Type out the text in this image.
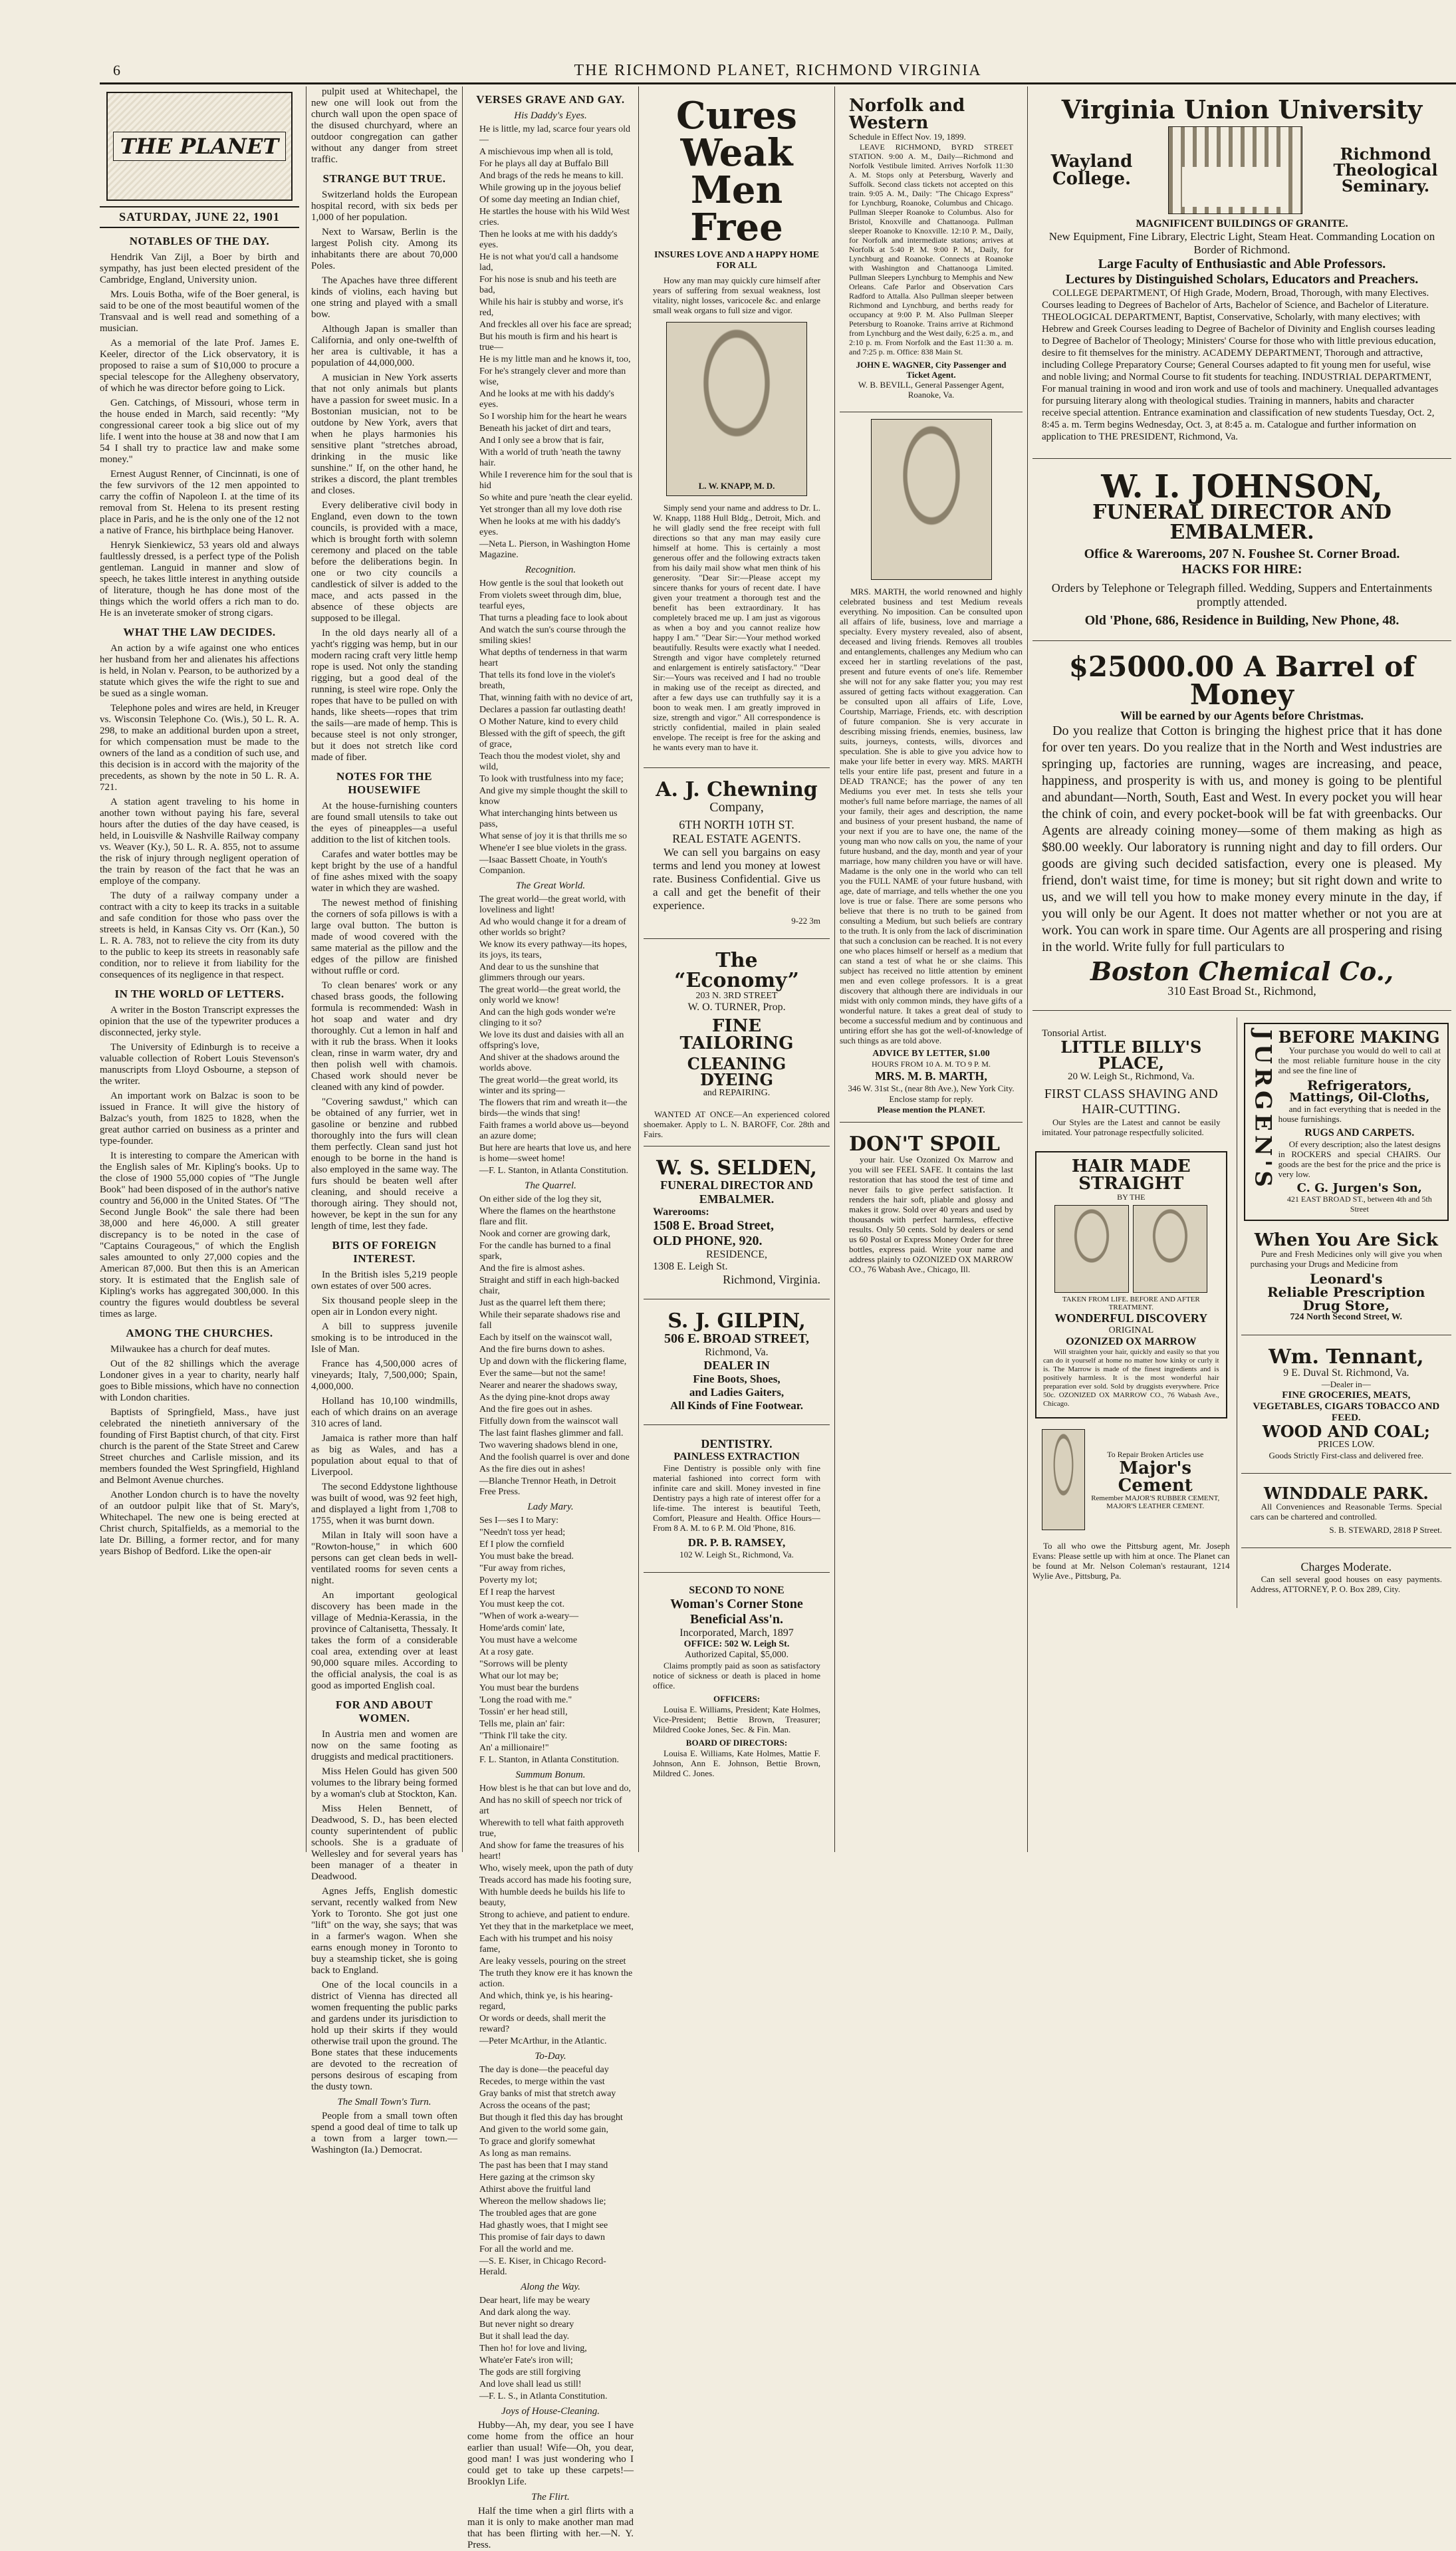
6	THE RICHMOND PLANET, RICHMOND VIRGINIA
THE PLANET
SATURDAY, JUNE 22, 1901
NOTABLES OF THE DAY.

Hendrik Van Zijl, a Boer by birth and sympathy, has just been elected president of the Cambridge, England, University union.

Mrs. Louis Botha, wife of the Boer general, is said to be one of the most beautiful women of the Transvaal and is well read and something of a musician.

As a memorial of the late Prof. James E. Keeler, director of the Lick observatory, it is proposed to raise a sum of $10,000 to procure a special telescope for the Allegheny observatory, of which he was director before going to Lick.

Gen. Catchings, of Missouri, whose term in the house ended in March, said recently: "My congressional career took a big slice out of my life. I went into the house at 38 and now that I am 54 I shall try to practice law and make some money."

Ernest August Renner, of Cincinnati, is one of the few survivors of the 12 men appointed to carry the coffin of Napoleon I. at the time of its removal from St. Helena to its present resting place in Paris, and he is the only one of the 12 not a native of France, his birthplace being Hanover.

Henryk Sienkiewicz, 53 years old and always faultlessly dressed, is a perfect type of the Polish gentleman. Languid in manner and slow of speech, he takes little interest in anything outside of literature, though he has done most of the things which the world offers a rich man to do. He is an inveterate smoker of strong cigars.

WHAT THE LAW DECIDES.

An action by a wife against one who entices her husband from her and alienates his affections is held, in Nolan v. Pearson, to be authorized by a statute which gives the wife the right to sue and be sued as a single woman.

Telephone poles and wires are held, in Kreuger vs. Wisconsin Telephone Co. (Wis.), 50 L. R. A. 298, to make an additional burden upon a street, for which compensation must be made to the owners of the land as a condition of such use, and this decision is in accord with the majority of the precedents, as shown by the note in 50 L. R. A. 721.

A station agent traveling to his home in another town without paying his fare, several hours after the duties of the day have ceased, is held, in Louisville & Nashville Railway company vs. Weaver (Ky.), 50 L. R. A. 855, not to assume the risk of injury through negligent operation of the train by reason of the fact that he was an employe of the company.

The duty of a railway company under a contract with a city to keep its tracks in a suitable and safe condition for those who pass over the streets is held, in Kansas City vs. Orr (Kan.), 50 L. R. A. 783, not to relieve the city from its duty to the public to keep its streets in reasonably safe condition, nor to relieve it from liability for the consequences of its negligence in that respect.

IN THE WORLD OF LETTERS.

A writer in the Boston Transcript expresses the opinion that the use of the typewriter produces a disconnected, jerky style.

The University of Edinburgh is to receive a valuable collection of Robert Louis Stevenson's manuscripts from Lloyd Osbourne, a stepson of the writer.

An important work on Balzac is soon to be issued in France. It will give the history of Balzac's youth, from 1825 to 1828, when the great author carried on business as a printer and type-founder.

It is interesting to compare the American with the English sales of Mr. Kipling's books. Up to the close of 1900 55,000 copies of "The Jungle Book" had been disposed of in the author's native country and 56,000 in the United States. Of "The Second Jungle Book" the sale there had been 38,000 and here 46,000. A still greater discrepancy is to be noted in the case of "Captains Courageous," of which the English sales amounted to only 27,000 copies and the American 87,000. But then this is an American story. It is estimated that the English sale of Kipling's works has aggregated 300,000. In this country the figures would doubtless be several times as large.

AMONG THE CHURCHES.

Milwaukee has a church for deaf mutes.

Out of the 82 shillings which the average Londoner gives in a year to charity, nearly half goes to Bible missions, which have no connection with London charities.

Baptists of Springfield, Mass., have just celebrated the ninetieth anniversary of the founding of First Baptist church, of that city. First church is the parent of the State Street and Carew Street churches and Carlisle mission, and its members founded the West Springfield, Highland and Belmont Avenue churches.

Another London church is to have the novelty of an outdoor pulpit like that of St. Mary's, Whitechapel. The new one is being erected at Christ church, Spitalfields, as a memorial to the late Dr. Billing, a former rector, and for many years Bishop of Bedford. Like the open-air

pulpit used at Whitechapel, the new one will look out from the church wall upon the open space of the disused churchyard, where an outdoor congregation can gather without any danger from street traffic.

STRANGE BUT TRUE.

Switzerland holds the European hospital record, with six beds per 1,000 of her population.

Next to Warsaw, Berlin is the largest Polish city. Among its inhabitants there are about 70,000 Poles.

The Apaches have three different kinds of violins, each having but one string and played with a small bow.

Although Japan is smaller than California, and only one-twelfth of her area is cultivable, it has a population of 44,000,000.

A musician in New York asserts that not only animals but plants have a passion for sweet music. In a Bostonian musician, not to be outdone by New York, avers that when he plays harmonies his sensitive plant "stretches abroad, drinking in the music like sunshine." If, on the other hand, he strikes a discord, the plant trembles and closes.

Every deliberative civil body in England, even down to the town councils, is provided with a mace, which is brought forth with solemn ceremony and placed on the table before the deliberations begin. In one or two city councils a candlestick of silver is added to the mace, and acts passed in the absence of these objects are supposed to be illegal.

In the old days nearly all of a yacht's rigging was hemp, but in our modern racing craft very little hemp rope is used. Not only the standing rigging, but a good deal of the running, is steel wire rope. Only the ropes that have to be pulled on with hands, like sheets—ropes that trim the sails—are made of hemp. This is because steel is not only stronger, but it does not stretch like cord made of fiber.

NOTES FOR THE HOUSEWIFE

At the house-furnishing counters are found small utensils to take out the eyes of pineapples—a useful addition to the list of kitchen tools.

Carafes and water bottles may be kept bright by the use of a handful of fine ashes mixed with the soapy water in which they are washed.

The newest method of finishing the corners of sofa pillows is with a large oval button. The button is made of wood covered with the same material as the pillow and the edges of the pillow are finished without ruffle or cord.

To clean benares' work or any chased brass goods, the following formula is recommended: Wash in hot soap and water and dry thoroughly. Cut a lemon in half and with it rub the brass. When it looks clean, rinse in warm water, dry and then polish well with chamois. Chased work should never be cleaned with any kind of powder.

"Covering sawdust," which can be obtained of any furrier, wet in gasoline or benzine and rubbed thoroughly into the furs will clean them perfectly. Clean sand just hot enough to be borne in the hand is also employed in the same way. The furs should be beaten well after cleaning, and should receive a thorough airing. They should not, however, be kept in the sun for any length of time, lest they fade.

BITS OF FOREIGN INTEREST.

In the British isles 5,219 people own estates of over 500 acres.

Six thousand people sleep in the open air in London every night.

A bill to suppress juvenile smoking is to be introduced in the Isle of Man.

France has 4,500,000 acres of vineyards; Italy, 7,500,000; Spain, 4,000,000.

Holland has 10,100 windmills, each of which drains on an average 310 acres of land.

Jamaica is rather more than half as big as Wales, and has a population about equal to that of Liverpool.

The second Eddystone lighthouse was built of wood, was 92 feet high, and displayed a light from 1,708 to 1755, when it was burnt down.

Milan in Italy will soon have a "Rowton-house," in which 600 persons can get clean beds in well-ventilated rooms for seven cents a night.

An important geological discovery has been made in the village of Mednia-Kerassia, in the province of Caltanisetta, Thessaly. It takes the form of a considerable coal area, extending over at least 90,000 square miles. According to the official analysis, the coal is as good as imported English coal.

FOR AND ABOUT WOMEN.

In Austria men and women are now on the same footing as druggists and medical practitioners.

Miss Helen Gould has given 500 volumes to the library being formed by a woman's club at Stockton, Kan.

Miss Helen Bennett, of Deadwood, S. D., has been elected county superintendent of public schools. She is a graduate of Wellesley and for several years has been manager of a theater in Deadwood.

Agnes Jeffs, English domestic servant, recently walked from New York to Toronto. She got just one "lift" on the way, she says; that was in a farmer's wagon. When she earns enough money in Toronto to buy a steamship ticket, she is going back to England.

One of the local councils in a district of Vienna has directed all women frequenting the public parks and gardens under its jurisdiction to hold up their skirts if they would otherwise trail upon the ground. The Bone states that these inducements are devoted to the recreation of persons desirous of escaping from the dusty town.

The Small Town's Turn.

People from a small town often spend a good deal of time to talk up a town from a larger town.—Washington (Ia.) Democrat.

VERSES GRAVE AND GAY.
His Daddy's Eyes.

He is little, my lad, scarce four years old—

A mischievous imp when all is told,

For he plays all day at Buffalo Bill

And brags of the reds he means to kill.

While growing up in the joyous belief

Of some day meeting an Indian chief,

He startles the house with his Wild West cries.

Then he looks at me with his daddy's eyes.

He is not what you'd call a handsome lad,

For his nose is snub and his teeth are bad,

While his hair is stubby and worse, it's red,

And freckles all over his face are spread;

But his mouth is firm and his heart is true—

He is my little man and he knows it, too,

For he's strangely clever and more than wise,

And he looks at me with his daddy's eyes.

So I worship him for the heart he wears

Beneath his jacket of dirt and tears,

And I only see a brow that is fair,

With a world of truth 'neath the tawny hair.

While I reverence him for the soul that is hid

So white and pure 'neath the clear eyelid.

Yet stronger than all my love doth rise

When he looks at me with his daddy's eyes.

—Neta L. Pierson, in Washington Home Magazine.

Recognition.

How gentle is the soul that looketh out

From violets sweet through dim, blue, tearful eyes,

That turns a pleading face to look about

And watch the sun's course through the smiling skies!

What depths of tenderness in that warm heart

That tells its fond love in the violet's breath,

That, winning faith with no device of art,

Declares a passion far outlasting death!

O Mother Nature, kind to every child

Blessed with the gift of speech, the gift of grace,

Teach thou the modest violet, shy and wild,

To look with trustfulness into my face;

And give my simple thought the skill to know

What interchanging hints between us pass,

What sense of joy it is that thrills me so

Whene'er I see blue violets in the grass.

—Isaac Bassett Choate, in Youth's Companion.

The Great World.

The great world—the great world, with loveliness and light!

Ad who would change it for a dream of other worlds so bright?

We know its every pathway—its hopes, its joys, its tears,

And dear to us the sunshine that glimmers through our years.

The great world—the great world, the only world we know!

And can the high gods wonder we're clinging to it so?

We love its dust and daisies with all an offspring's love,

And shiver at the shadows around the worlds above.

The great world—the great world, its winter and its spring—

The flowers that rim and wreath it—the birds—the winds that sing!

Faith frames a world above us—beyond an azure dome;

But here are hearts that love us, and here is home—sweet home!

—F. L. Stanton, in Atlanta Constitution.

The Quarrel.

On either side of the log they sit,

Where the flames on the hearthstone flare and flit.

Nook and corner are growing dark,

For the candle has burned to a final spark,

And the fire is almost ashes.

Straight and stiff in each high-backed chair,

Just as the quarrel left them there;

While their separate shadows rise and fall

Each by itself on the wainscot wall,

And the fire burns down to ashes.

Up and down with the flickering flame,

Ever the same—but not the same!

Nearer and nearer the shadows sway,

As the dying pine-knot drops away

And the fire goes out in ashes.

Fitfully down from the wainscot wall

The last faint flashes glimmer and fall.

Two wavering shadows blend in one,

And the foolish quarrel is over and done

As the fire dies out in ashes!

—Blanche Trennor Heath, in Detroit Free Press.

Lady Mary.

Ses I—ses I to Mary:

"Needn't toss yer head;

Ef I plow the cornfield

You must bake the bread.

"Fur away from riches,

Poverty my lot;

Ef I reap the harvest

You must keep the cot.

"When of work a-weary—

Home'ards comin' late,

You must have a welcome

At a rosy gate.

"Sorrows will be plenty

What our lot may be;

You must bear the burdens

'Long the road with me."

Tossin' er her head still,

Tells me, plain an' fair:

"Think I'll take the city.

An' a millionaire!"

F. L. Stanton, in Atlanta Constitution.

Summum Bonum.

How blest is he that can but love and do,

And has no skill of speech nor trick of art

Wherewith to tell what faith approveth true,

And show for fame the treasures of his heart!

Who, wisely meek, upon the path of duty

Treads accord has made his footing sure,

With humble deeds he builds his life to beauty,

Strong to achieve, and patient to endure.

Yet they that in the marketplace we meet,

Each with his trumpet and his noisy fame,

Are leaky vessels, pouring on the street

The truth they know ere it has known the action.

And which, think ye, is his hearing-regard,

Or words or deeds, shall merit the reward?

—Peter McArthur, in the Atlantic.

To-Day.

The day is done—the peaceful day

Recedes, to merge within the vast

Gray banks of mist that stretch away

Across the oceans of the past;

But though it fled this day has brought

And given to the world some gain,

To grace and glorify somewhat

As long as man remains.

The past has been that I may stand

Here gazing at the crimson sky

Athirst above the fruitful land

Whereon the mellow shadows lie;

The troubled ages that are gone

Had ghastly woes, that I might see

This promise of fair days to dawn

For all the world and me.

—S. E. Kiser, in Chicago Record-Herald.

Along the Way.

Dear heart, life may be weary

And dark along the way.

But never night so dreary

But it shall lead the day.

Then ho! for love and living,

Whate'er Fate's iron will;

The gods are still forgiving

And love shall lead us still!

—F. L. S., in Atlanta Constitution.

Joys of House-Cleaning.

Hubby—Ah, my dear, you see I have come home from the office an hour earlier than usual! Wife—Oh, you dear, good man! I was just wondering who I could get to take up these carpets!—Brooklyn Life.

The Flirt.

Half the time when a girl flirts with a man it is only to make another man mad that has been flirting with her.—N. Y. Press.

Cures Weak Men Free
INSURES LOVE AND A HAPPY HOME FOR ALL

How any man may quickly cure himself after years of suffering from sexual weakness, lost vitality, night losses, varicocele &c. and enlarge small weak organs to full size and vigor.

L. W. KNAPP, M. D.

Simply send your name and address to Dr. L. W. Knapp, 1188 Hull Bldg., Detroit, Mich. and he will gladly send the free receipt with full directions so that any man may easily cure himself at home. This is certainly a most generous offer and the following extracts taken from his daily mail show what men think of his generosity. "Dear Sir:—Please accept my sincere thanks for yours of recent date. I have given your treatment a thorough test and the benefit has been extraordinary. It has completely braced me up. I am just as vigorous as when a boy and you cannot realize how happy I am." "Dear Sir:—Your method worked beautifully. Results were exactly what I needed. Strength and vigor have completely returned and enlargement is entirely satisfactory." "Dear Sir:—Yours was received and I had no trouble in making use of the receipt as directed, and after a few days use can truthfully say it is a boon to weak men. I am greatly improved in size, strength and vigor." All correspondence is strictly confidential, mailed in plain sealed envelope. The receipt is free for the asking and he wants every man to have it.

A. J. Chewning
Company,
6TH NORTH 10TH ST.
REAL ESTATE AGENTS.

We can sell you bargains on easy terms and lend you money at lowest rate. Business Confidential. Give us a call and get the benefit of their experience.

9-22 3m
The “Economy”
203 N. 3RD STREET
W. O. TURNER, Prop.
FINE TAILORING
CLEANING DYEING
and REPAIRING.

WANTED AT ONCE—An experienced colored shoemaker. Apply to L. N. BAROFF, Cor. 28th and Fairs.

W. S. SELDEN,
FUNERAL DIRECTOR AND EMBALMER.
Warerooms:
1508 E. Broad Street,
OLD PHONE, 920.
RESIDENCE,
1308 E. Leigh St.
Richmond, Virginia.
S. J. GILPIN,
506 E. BROAD STREET,
Richmond, Va.
DEALER IN
Fine Boots, Shoes,
and Ladies Gaiters,
All Kinds of Fine Footwear.
DENTISTRY.
PAINLESS EXTRACTION

Fine Dentistry is possible only with fine material fashioned into correct form with infinite care and skill. Money invested in fine Dentistry pays a high rate of interest offer for a life-time. The interest is beautiful Teeth, Comfort, Pleasure and Health. Office Hours—From 8 A. M. to 6 P. M. Old 'Phone, 816.

DR. P. B. RAMSEY,
102 W. Leigh St., Richmond, Va.
SECOND TO NONE
Woman's Corner Stone Beneficial Ass'n.
Incorporated, March, 1897
OFFICE: 502 W. Leigh St.
Authorized Capital, $5,000.

Claims promptly paid as soon as satisfactory notice of sickness or death is placed in home office.

OFFICERS:

Louisa E. Williams, President; Kate Holmes, Vice-President; Bettie Brown, Treasurer; Mildred Cooke Jones, Sec. & Fin. Man.

BOARD OF DIRECTORS:

Louisa E. Williams, Kate Holmes, Mattie F. Johnson, Ann E. Johnson, Bettie Brown, Mildred C. Jones.

Norfolk and Western
Schedule in Effect Nov. 19, 1899.

LEAVE RICHMOND, BYRD STREET STATION. 9:00 A. M., Daily—Richmond and Norfolk Vestibule limited. Arrives Norfolk 11:30 A. M. Stops only at Petersburg, Waverly and Suffolk. Second class tickets not accepted on this train. 9:05 A. M., Daily: "The Chicago Express" for Lynchburg, Roanoke, Columbus and Chicago. Pullman Sleeper Roanoke to Columbus. Also for Bristol, Knoxville and Chattanooga. Pullman sleeper Roanoke to Knoxville. 12:10 P. M., Daily, for Norfolk and intermediate stations; arrives at Norfolk at 5:40 P. M. 9:00 P. M., Daily, for Lynchburg and Roanoke. Connects at Roanoke with Washington and Chattanooga Limited. Pullman Sleepers Lynchburg to Memphis and New Orleans. Cafe Parlor and Observation Cars Radford to Attalla. Also Pullman sleeper between Richmond and Lynchburg, and berths ready for occupancy at 9:00 P. M. Also Pullman Sleeper Petersburg to Roanoke. Trains arrive at Richmond from Lynchburg and the West daily, 6:25 a. m., and 2:10 p. m. From Norfolk and the East 11:30 a. m. and 7:25 p. m. Office: 838 Main St.

JOHN E. WAGNER, City Passenger and Ticket Agent.
W. B. BEVILL, General Passenger Agent, Roanoke, Va.

MRS. MARTH, the world renowned and highly celebrated business and test Medium reveals everything. No imposition. Can be consulted upon all affairs of life, business, love and marriage a specialty. Every mystery revealed, also of absent, deceased and living friends. Removes all troubles and entanglements, challenges any Medium who can exceed her in startling revelations of the past, present and future events of one's life. Remember she will not for any sake flatter you; you may rest assured of getting facts without exaggeration. Can be consulted upon all affairs of Life, Love, Courtship, Marriage, Friends, etc. with description of future companion. She is very accurate in describing missing friends, enemies, business, law suits, journeys, contests, wills, divorces and speculation. She is able to give you advice how to make your life better in every way. MRS. MARTH tells your entire life past, present and future in a DEAD TRANCE; has the power of any ten Mediums you ever met. In tests she tells your mother's full name before marriage, the names of all your family, their ages and description, the name and business of your present husband, the name of your next if you are to have one, the name of the young man who now calls on you, the name of your future husband, and the day, month and year of your marriage, how many children you have or will have. Madame is the only one in the world who can tell you the FULL NAME of your future husband, with age, date of marriage, and tells whether the one you love is true or false. There are some persons who believe that there is no truth to be gained from consulting a Medium, but such beliefs are contrary to the truth. It is only from the lack of discrimination that such a conclusion can be reached. It is not every one who places himself or herself as a medium that can stand a test of what he or she claims. This subject has received no little attention by eminent men and even college professors. It is a great discovery that although there are individuals in our midst with only common minds, they have gifts of a wonderful nature. It takes a great deal of study to become a successful medium and by continuous and untiring effort she has got the well-of-knowledge of such things as are told above.

ADVICE BY LETTER, $1.00
HOURS FROM 10 A. M. TO 9 P. M.
MRS. M. B. MARTH,
346 W. 31st St., (near 8th Ave.), New York City.
Enclose stamp for reply.
Please mention the PLANET.
DON'T SPOIL

your hair. Use Ozonized Ox Marrow and you will see FEEL SAFE. It contains the last restoration that has stood the test of time and never fails to give perfect satisfaction. It renders the hair soft, pliable and glossy and makes it grow. Sold over 40 years and used by thousands with perfect harmless, effective results. Only 50 cents. Sold by dealers or send us 60 Postal or Express Money Order for three bottles, express paid. Write your name and address plainly to OZONIZED OX MARROW CO., 76 Wabash Ave., Chicago, Ill.

Virginia Union University
Wayland College.
Richmond Theological Seminary.
MAGNIFICENT BUILDINGS OF GRANITE.
New Equipment, Fine Library, Electric Light, Steam Heat. Commanding Location on Border of Richmond.
Large Faculty of Enthusiastic and Able Professors.
Lectures by Distinguished Scholars, Educators and Preachers.

COLLEGE DEPARTMENT, Of High Grade, Modern, Broad, Thorough, with many Electives. Courses leading to Degrees of Bachelor of Arts, Bachelor of Science, and Bachelor of Literature. THEOLOGICAL DEPARTMENT, Baptist, Conservative, Scholarly, with many electives; with Hebrew and Greek Courses leading to Degree of Bachelor of Divinity and English courses leading to Degree of Bachelor of Theology; Ministers' Course for those who with little previous education, desire to fit themselves for the ministry. ACADEMY DEPARTMENT, Thorough and attractive, including College Preparatory Course; General Courses adapted to fit young men for useful, wise and noble living; and Normal Course to fit students for teaching. INDUSTRIAL DEPARTMENT, For manual training in wood and iron work and use of tools and machinery. Unequalled advantages for pursuing literary along with theological studies. Training in manners, habits and character receive special attention. Entrance examination and classification of new students Tuesday, Oct. 2, 8:45 a. m. Term begins Wednesday, Oct. 3, at 8:45 a. m. Catalogue and further information on application to THE PRESIDENT, Richmond, Va.

W. I. JOHNSON,
FUNERAL DIRECTOR AND EMBALMER.
Office & Warerooms, 207 N. Foushee St. Corner Broad.
HACKS FOR HIRE:
Orders by Telephone or Telegraph filled. Wedding, Suppers and Entertainments promptly attended.
Old 'Phone, 686, Residence in Building, New Phone, 48.
$25000.00 A Barrel of Money
Will be earned by our Agents before Christmas.

Do you realize that Cotton is bringing the highest price that it has done for over ten years. Do you realize that in the North and West industries are springing up, factories are running, wages are increasing, and peace, happiness, and prosperity is with us, and money is going to be plentiful and abundant—North, South, East and West. In every pocket you will hear the chink of coin, and every pocket-book will be fat with greenbacks. Our Agents are already coining money—some of them making as high as $80.00 weekly. Our laboratory is running night and day to fill orders. Our goods are giving such decided satisfaction, every one is pleased. My friend, don't waist time, for time is money; but sit right down and write to us, and we will tell you how to make money every minute in the day, if you will only be our Agent. It does not matter whether or not you are at work. You can work in spare time. Our Agents are all prospering and rising in the world. Write fully for full particulars to

Boston Chemical Co.,
310 East Broad St., Richmond,
Tonsorial Artist.
LITTLE BILLY'S PLACE,
20 W. Leigh St., Richmond, Va.
FIRST CLASS SHAVING AND HAIR-CUTTING.

Our Styles are the Latest and cannot be easily imitated. Your patronage respectfully solicited.

HAIR MADE STRAIGHT
BY THE
TAKEN FROM LIFE. BEFORE AND AFTER TREATMENT.
WONDERFUL DISCOVERY
ORIGINAL
OZONIZED OX MARROW

Will straighten your hair, quickly and easily so that you can do it yourself at home no matter how kinky or curly it is. The Marrow is made of the finest ingredients and is positively harmless. It is the most wonderful hair preparation ever sold. Sold by druggists everywhere. Price 50c. OZONIZED OX MARROW CO., 76 Wabash Ave., Chicago.

To Repair Broken Articles use
Major's Cement
Remember MAJOR'S RUBBER CEMENT, MAJOR'S LEATHER CEMENT.

To all who owe the Pittsburg agent, Mr. Joseph Evans: Please settle up with him at once. The Planet can be found at Mr. Nelson Coleman's restaurant, 1214 Wylie Ave., Pittsburg, Pa.

JURGEN'S BEFORE MAKING

Your purchase you would do well to call at the most reliable furniture house in the city and see the fine line of

Refrigerators,
Mattings, Oil-Cloths,

and in fact everything that is needed in the house furnishings.

RUGS AND CARPETS.

Of every description; also the latest designs in ROCKERS and special CHAIRS. Our goods are the best for the price and the price is very low.

C. G. Jurgen's Son,
421 EAST BROAD ST., between 4th and 5th Street
When You Are Sick

Pure and Fresh Medicines only will give you when purchasing your Drugs and Medicine from

Leonard's
Reliable Prescription Drug Store,
724 North Second Street, W.
Wm. Tennant,
9 E. Duval St. Richmond, Va.
—Dealer in—
FINE GROCERIES, MEATS, VEGETABLES, CIGARS TOBACCO AND FEED.
WOOD AND COAL;
PRICES LOW.
Goods Strictly First-class and delivered free.
WINDDALE PARK.

All Conveniences and Reasonable Terms. Special cars can be chartered and controlled.

S. B. STEWARD, 2818 P Street.
Charges Moderate.

Can sell several good houses on easy payments. Address, ATTORNEY, P. O. Box 289, City.
